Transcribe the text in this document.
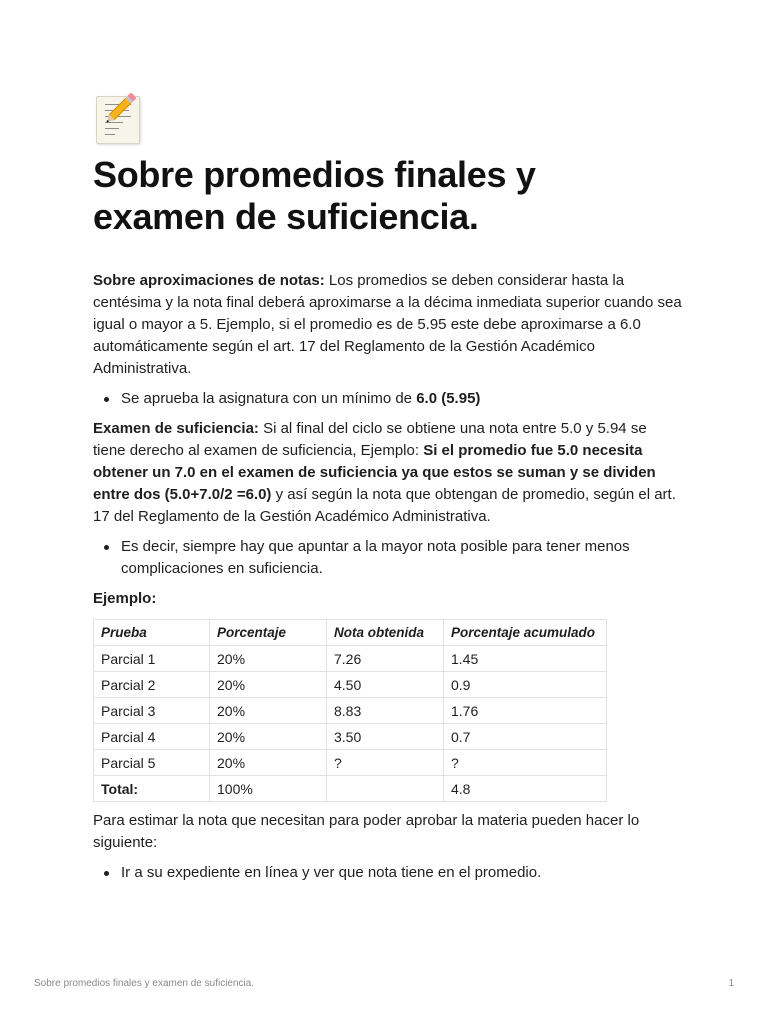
Sobre promedios finales y examen de suficiencia.

Sobre aproximaciones de notas: Los promedios se deben considerar hasta la centésima y la nota final deberá aproximarse a la décima inmediata superior cuando sea igual o mayor a 5. Ejemplo, si el promedio es de 5.95 este debe aproximarse a 6.0 automáticamente según el art. 17 del Reglamento de la Gestión Académico Administrativa.

Se aprueba la asignatura con un mínimo de 6.0 (5.95)

Examen de suficiencia: Si al final del ciclo se obtiene una nota entre 5.0 y 5.94 se tiene derecho al examen de suficiencia, Ejemplo: Si el promedio fue 5.0 necesita obtener un 7.0 en el examen de suficiencia ya que estos se suman y se dividen entre dos (5.0+7.0/2 =6.0) y así según la nota que obtengan de promedio, según el art. 17 del Reglamento de la Gestión Académico Administrativa.

Es decir, siempre hay que apuntar a la mayor nota posible para tener menos complicaciones en suficiencia.

Ejemplo:

Prueba	Porcentaje	Nota obtenida	Porcentaje acumulado
Parcial 1	20%	7.26	1.45
Parcial 2	20%	4.50	0.9
Parcial 3	20%	8.83	1.76
Parcial 4	20%	3.50	0.7
Parcial 5	20%	?	?
Total:	100%		4.8

Para estimar la nota que necesitan para poder aprobar la materia pueden hacer lo siguiente:

Ir a su expediente en línea y ver que nota tiene en el promedio.
Sobre promedios finales y examen de suficiencia.	1
